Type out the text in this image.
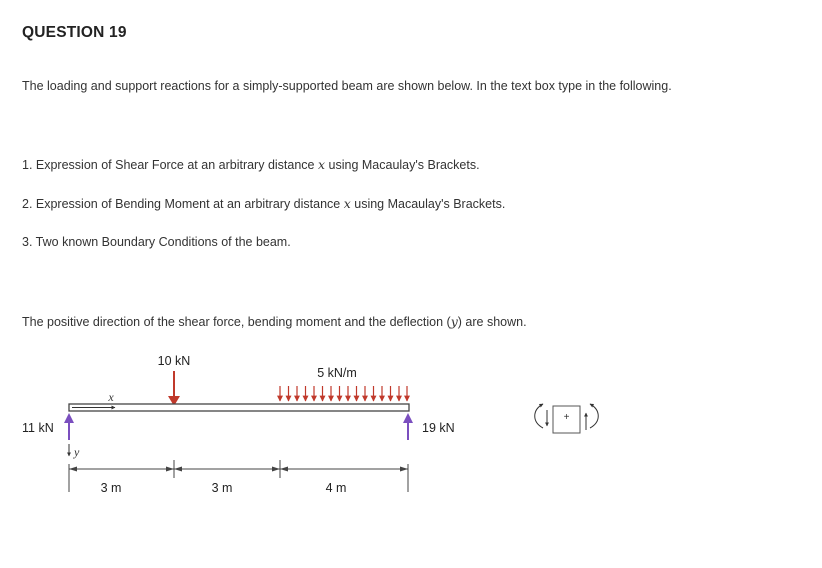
QUESTION 19
The loading and support reactions for a simply-supported beam are shown below. In the text box type in the following.
1. Expression of Shear Force at an arbitrary distance x using Macaulay's Brackets.
2. Expression of Bending Moment at an arbitrary distance x using Macaulay's Brackets.
3. Two known Boundary Conditions of the beam.
The positive direction of the shear force, bending moment and the deflection (y) are shown.
10 kN
5 kN/m
x
11 kN
y
19 kN
3 m	3 m	4 m
+
